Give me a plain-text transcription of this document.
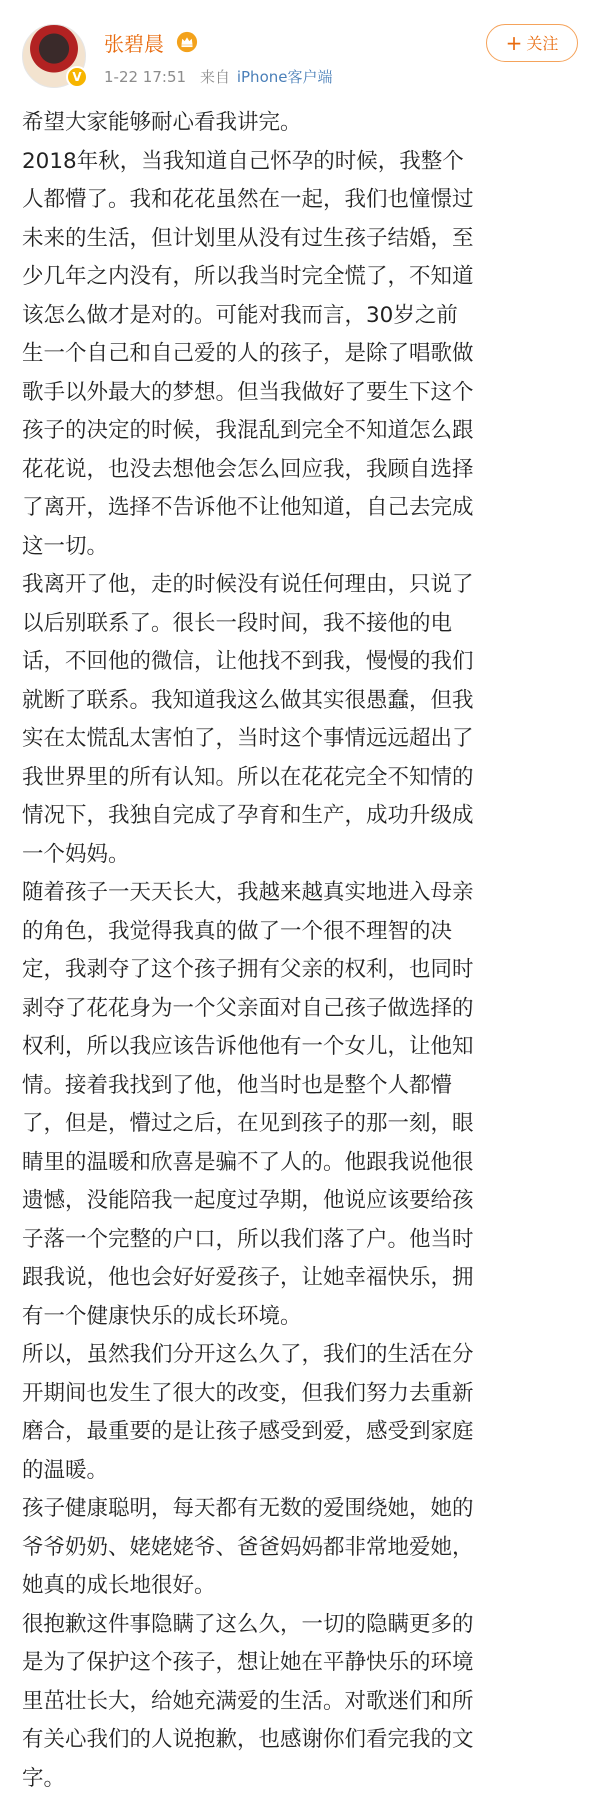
V
张碧晨
1-22 17:51 来自 iPhone客户端
+ 关注

希望大家能够耐心看我讲完。

2018年秋，当我知道自己怀孕的时候，我整个
人都懵了。我和花花虽然在一起，我们也憧憬过
未来的生活，但计划里从没有过生孩子结婚，至
少几年之内没有，所以我当时完全慌了，不知道
该怎么做才是对的。可能对我而言，30岁之前
生一个自己和自己爱的人的孩子，是除了唱歌做
歌手以外最大的梦想。但当我做好了要生下这个
孩子的决定的时候，我混乱到完全不知道怎么跟
花花说，也没去想他会怎么回应我，我顾自选择
了离开，选择不告诉他不让他知道，自己去完成
这一切。

我离开了他，走的时候没有说任何理由，只说了
以后别联系了。很长一段时间，我不接他的电
话，不回他的微信，让他找不到我，慢慢的我们
就断了联系。我知道我这么做其实很愚蠢，但我
实在太慌乱太害怕了，当时这个事情远远超出了
我世界里的所有认知。所以在花花完全不知情的
情况下，我独自完成了孕育和生产，成功升级成
一个妈妈。

随着孩子一天天长大，我越来越真实地进入母亲
的角色，我觉得我真的做了一个很不理智的决
定，我剥夺了这个孩子拥有父亲的权利，也同时
剥夺了花花身为一个父亲面对自己孩子做选择的
权利，所以我应该告诉他他有一个女儿，让他知
情。接着我找到了他，他当时也是整个人都懵
了，但是，懵过之后，在见到孩子的那一刻，眼
睛里的温暖和欣喜是骗不了人的。他跟我说他很
遗憾，没能陪我一起度过孕期，他说应该要给孩
子落一个完整的户口，所以我们落了户。他当时
跟我说，他也会好好爱孩子，让她幸福快乐，拥
有一个健康快乐的成长环境。

所以，虽然我们分开这么久了，我们的生活在分
开期间也发生了很大的改变，但我们努力去重新
磨合，最重要的是让孩子感受到爱，感受到家庭
的温暖。

孩子健康聪明，每天都有无数的爱围绕她，她的
爷爷奶奶、姥姥姥爷、爸爸妈妈都非常地爱她，
她真的成长地很好。

很抱歉这件事隐瞒了这么久，一切的隐瞒更多的
是为了保护这个孩子，想让她在平静快乐的环境
里茁壮长大，给她充满爱的生活。对歌迷们和所
有关心我们的人说抱歉，也感谢你们看完我的文
字。
